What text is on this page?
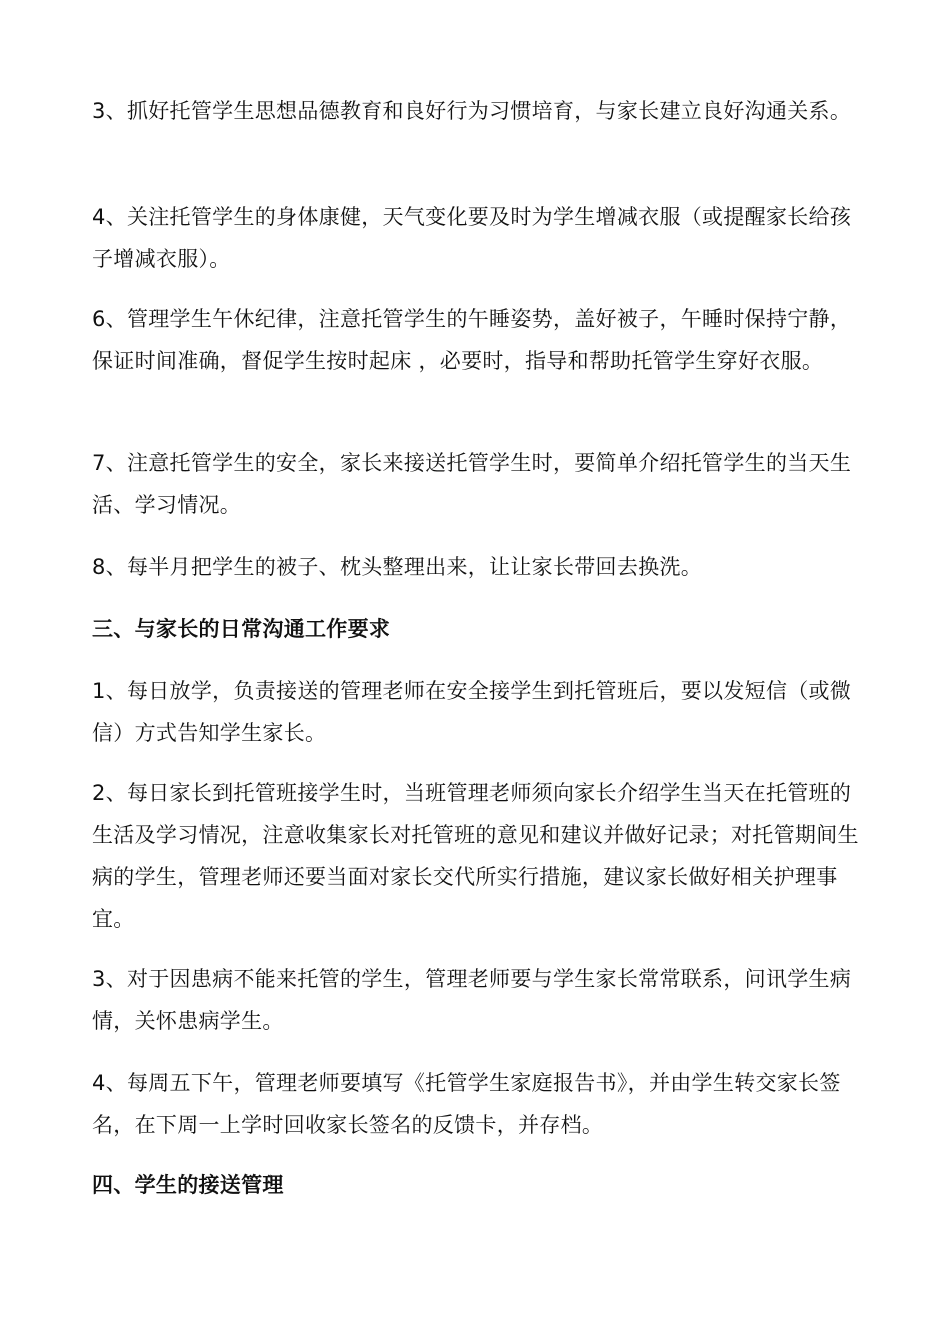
3、抓好托管学生思想品德教育和良好行为习惯培育，与家长建立良好沟通关系。

4、关注托管学生的身体康健，天气变化要及时为学生增减衣服（或提醒家长给孩子增减衣服）。

6、管理学生午休纪律，注意托管学生的午睡姿势，盖好被子，午睡时保持宁静，保证时间准确，督促学生按时起床 ，必要时，指导和帮助托管学生穿好衣服。

7、注意托管学生的安全，家长来接送托管学生时，要简单介绍托管学生的当天生活、学习情况。

8、每半月把学生的被子、枕头整理出来，让让家长带回去换洗。

三、与家长的日常沟通工作要求

1、每日放学，负责接送的管理老师在安全接学生到托管班后，要以发短信（或微信）方式告知学生家长。

2、每日家长到托管班接学生时，当班管理老师须向家长介绍学生当天在托管班的生活及学习情况，注意收集家长对托管班的意见和建议并做好记录；对托管期间生病的学生，管理老师还要当面对家长交代所实行措施，建议家长做好相关护理事宜。

3、对于因患病不能来托管的学生，管理老师要与学生家长常常联系，问讯学生病情，关怀患病学生。

4、每周五下午，管理老师要填写《托管学生家庭报告书》，并由学生转交家长签名，在下周一上学时回收家长签名的反馈卡，并存档。

四、学生的接送管理
